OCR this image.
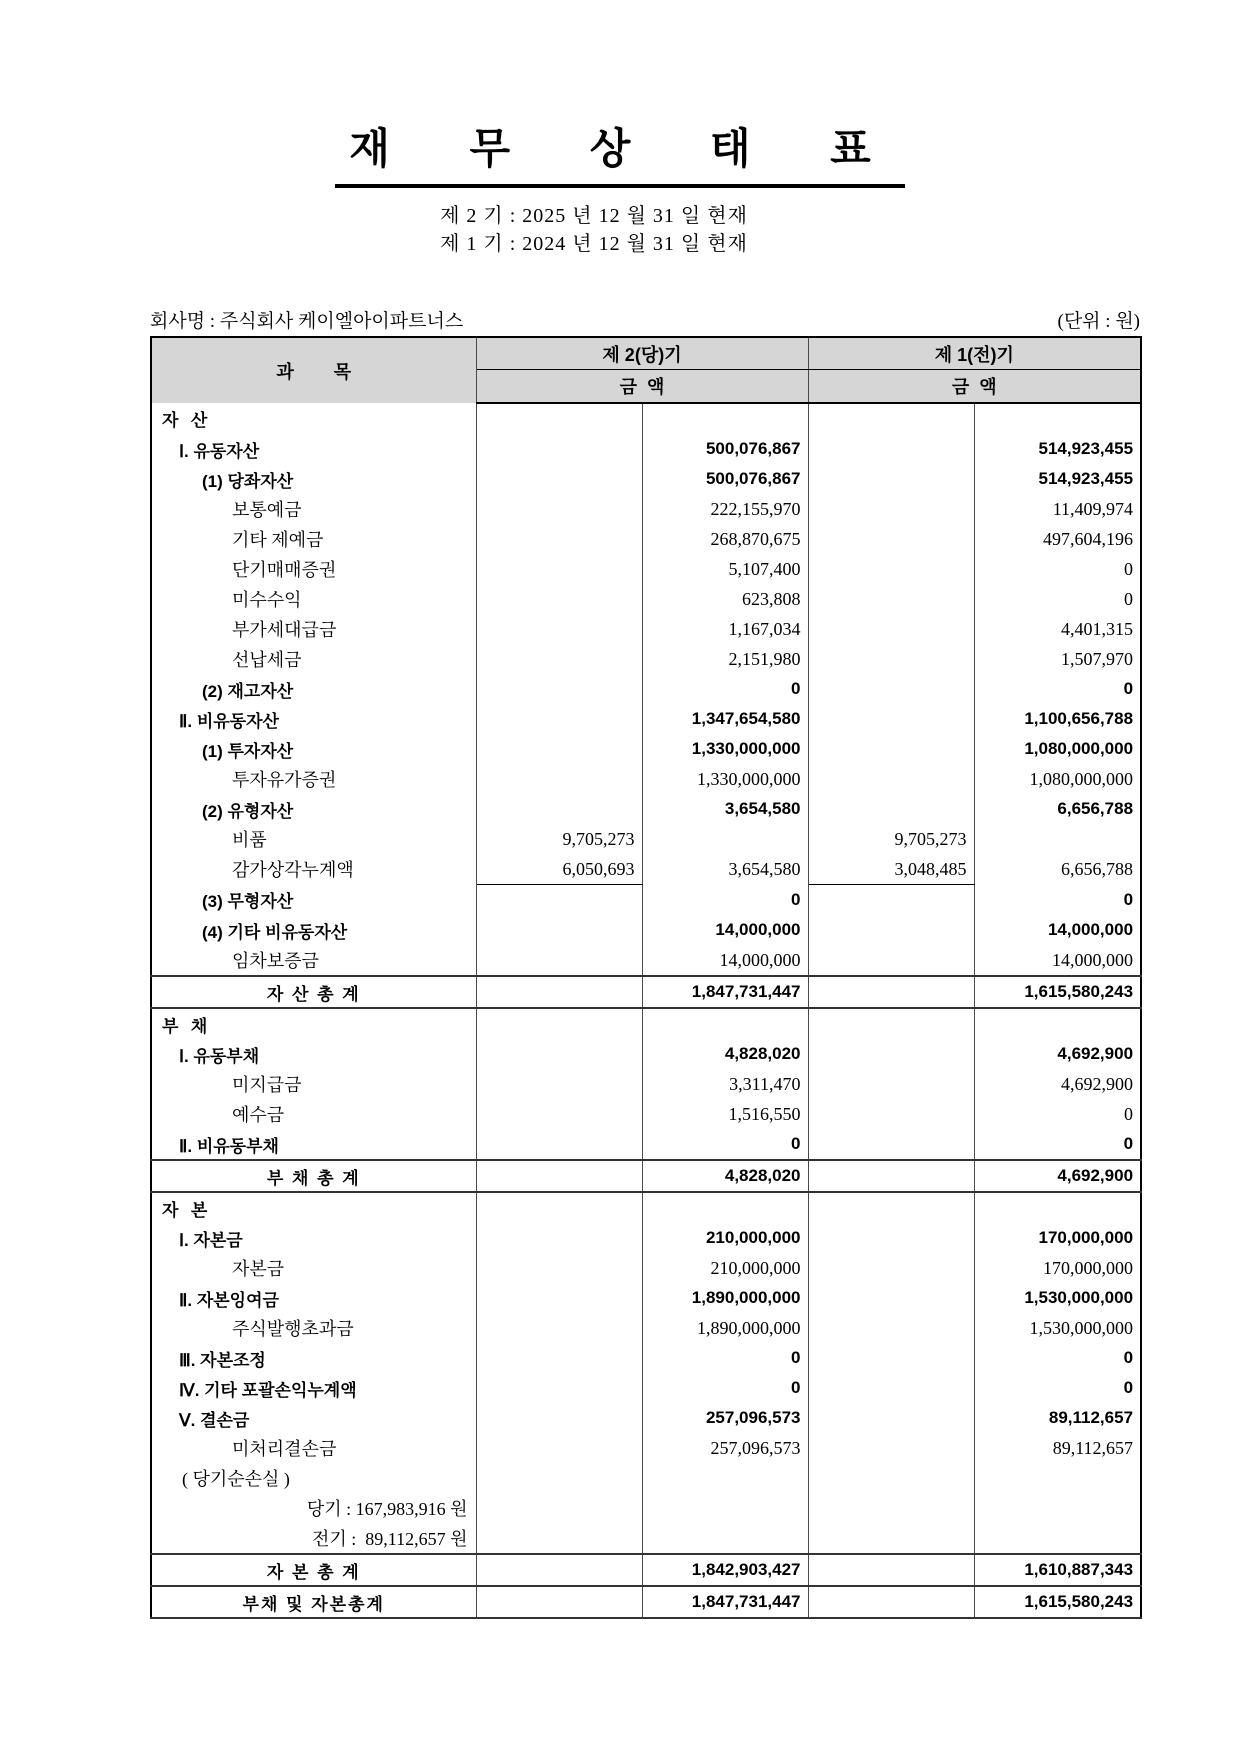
재 무 상 태 표
제 2 기 : 2025 년 12 월 31 일 현재
제 1 기 : 2024 년 12 월 31 일 현재
회사명 : 주식회사 케이엘아이파트너스	(단위 : 원)
과        목	제 2(당)기		제 1(전)기	
	금  액		금  액	
자  산				
Ⅰ. 유동자산		500,076,867		514,923,455
(1) 당좌자산		500,076,867		514,923,455
보통예금		222,155,970		11,409,974
기타 제예금		268,870,675		497,604,196
단기매매증권		5,107,400		0
미수수익		623,808		0
부가세대급금		1,167,034		4,401,315
선납세금		2,151,980		1,507,970
(2) 재고자산		0		0
Ⅱ. 비유동자산		1,347,654,580		1,100,656,788
(1) 투자자산		1,330,000,000		1,080,000,000
투자유가증권		1,330,000,000		1,080,000,000
(2) 유형자산		3,654,580		6,656,788
비품	9,705,273		9,705,273	
감가상각누계액	6,050,693	3,654,580	3,048,485	6,656,788
(3) 무형자산		0		0
(4) 기타 비유동자산		14,000,000		14,000,000
임차보증금		14,000,000		14,000,000
자 산 총 계		1,847,731,447		1,615,580,243
부  채				
Ⅰ. 유동부채		4,828,020		4,692,900
미지급금		3,311,470		4,692,900
예수금		1,516,550		0
Ⅱ. 비유동부채		0		0
부 채 총 계		4,828,020		4,692,900
자  본				
Ⅰ. 자본금		210,000,000		170,000,000
자본금		210,000,000		170,000,000
Ⅱ. 자본잉여금		1,890,000,000		1,530,000,000
주식발행초과금		1,890,000,000		1,530,000,000
Ⅲ. 자본조정		0		0
Ⅳ. 기타 포괄손익누계액		0		0
Ⅴ. 결손금		257,096,573		89,112,657
미처리결손금		257,096,573		89,112,657
( 당기순손실 )				
당기 : 167,983,916 원				
전기 :  89,112,657 원				
자 본 총 계		1,842,903,427		1,610,887,343
부채 및 자본총계		1,847,731,447		1,615,580,243
